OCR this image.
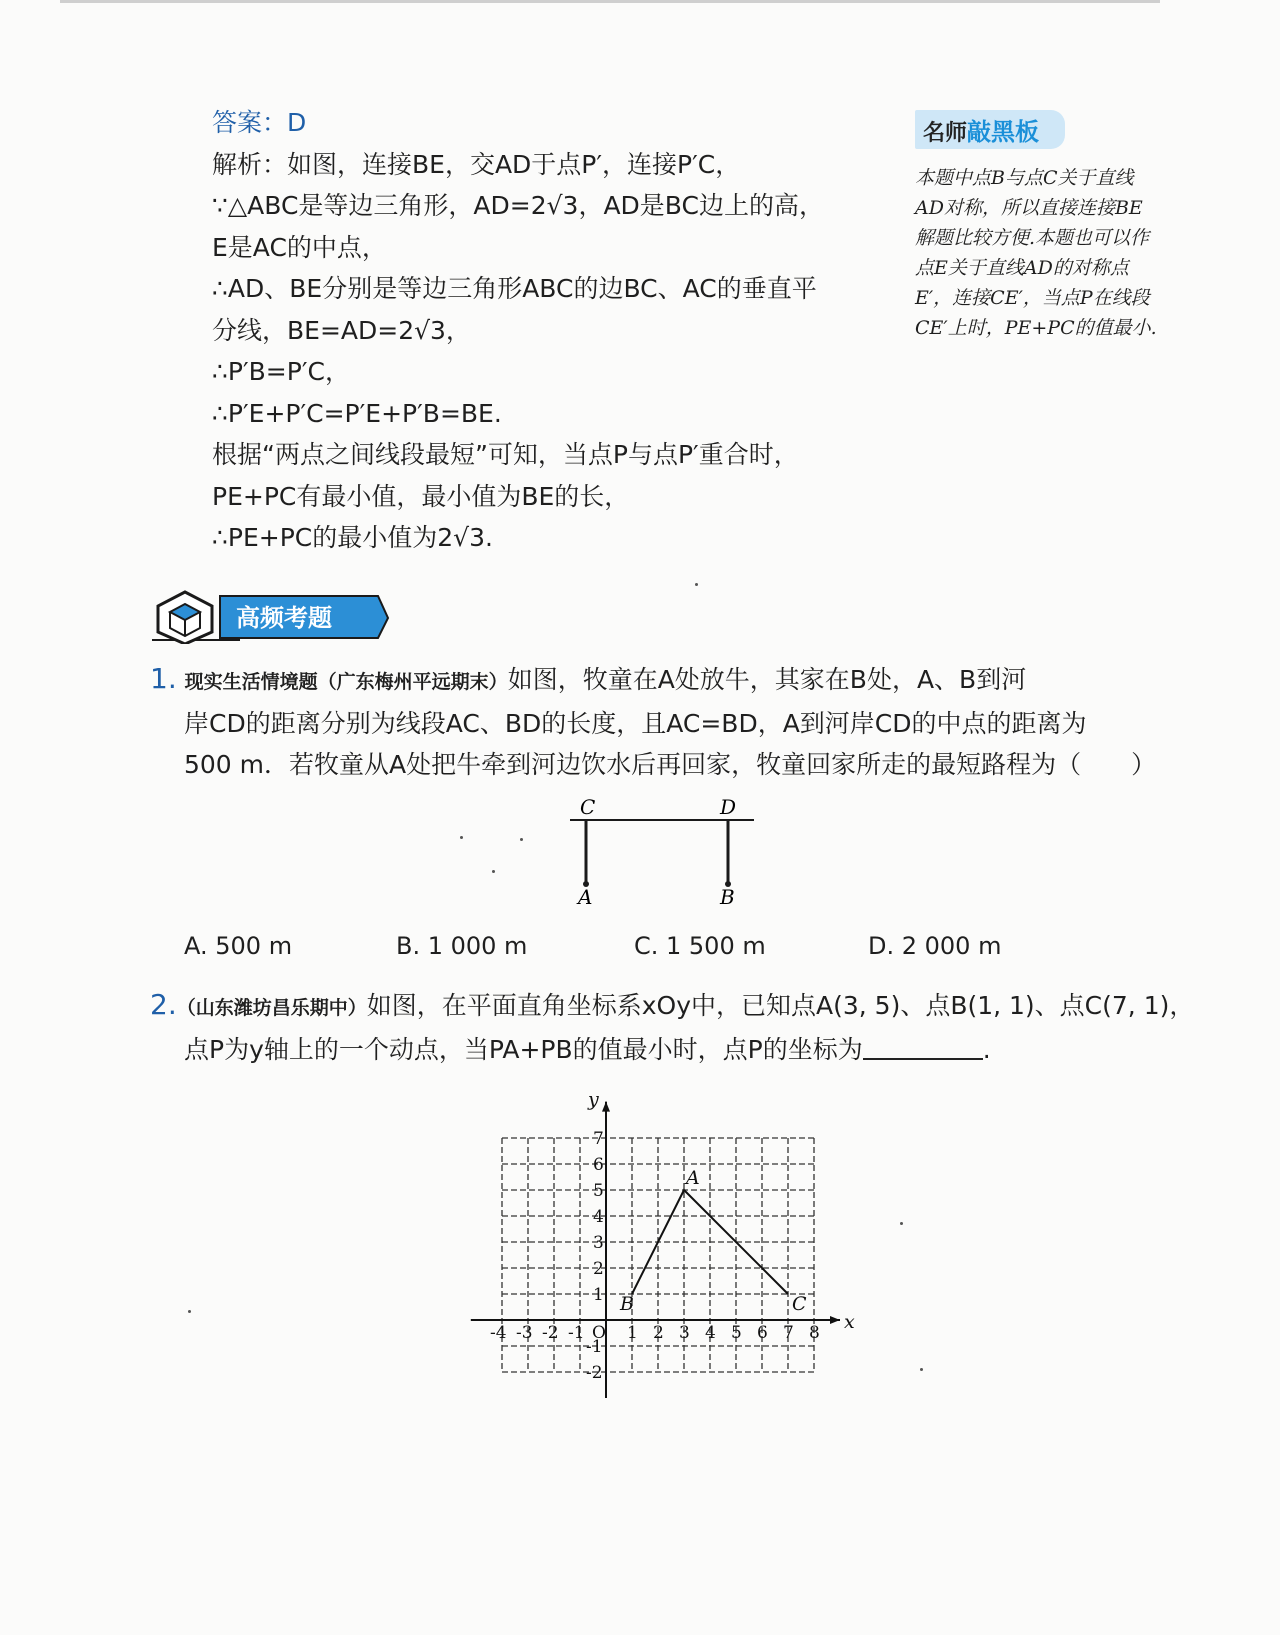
答案：D
解析：如图，连接BE，交AD于点P′，连接P′C，
∵△ABC是等边三角形，AD=2√3，AD是BC边上的高，
E是AC的中点，
∴AD、BE分别是等边三角形ABC的边BC、AC的垂直平
分线，BE=AD=2√3，
∴P′B=P′C，
∴P′E+P′C=P′E+P′B=BE.
根据“两点之间线段最短”可知，当点P与点P′重合时，
PE+PC有最小值，最小值为BE的长，
∴PE+PC的最小值为2√3.
名师敲黑板
本题中点B与点C关于直线AD对称，所以直接连接BE解题比较方便.本题也可以作点E关于直线AD的对称点E′，连接CE′，当点P在线段CE′上时，PE+PC的值最小.
高频考题
1. 现实生活情境题（广东梅州平远期末）如图，牧童在A处放牛，其家在B处，A、B到河
岸CD的距离分别为线段AC、BD的长度，且AC=BD，A到河岸CD的中点的距离为
500 m．若牧童从A处把牛牵到河边饮水后再回家，牧童回家所走的最短路程为（　　）
C	D
A	B
A. 500 m	B. 1 000 m	C. 1 500 m	D. 2 000 m
2.（山东潍坊昌乐期中）如图，在平面直角坐标系xOy中，已知点A(3, 5)、点B(1, 1)、点C(7, 1)，
点P为y轴上的一个动点，当PA+PB的值最小时，点P的坐标为	.
x
y
-4 -3 -2 -1 O 1 2 3 4 5 6 7 8
-2
-1
1
2
3
4
5
6
7
A
B	C
